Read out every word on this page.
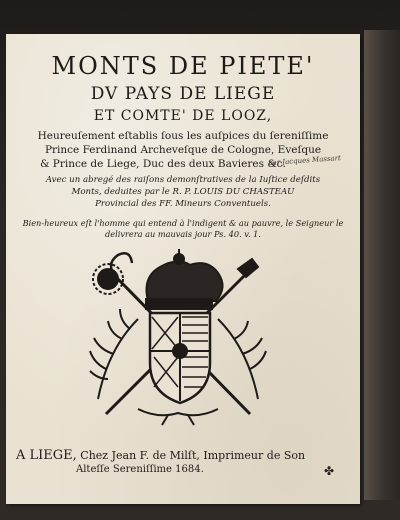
MONTS DE PIETE'
DV PAYS DE LIEGE
ET COMTE' DE LOOZ,
Heureuſement eſtablis ſous les auſpices du ſereniſſime
Prince Ferdinand Archeveſque de Cologne, Eveſque
& Prince de Liege, Duc des deux Bavieres &c.
par Jacques Massart
Avec un abregé des raiſons demonſtratives de la Iuſtice deſdits
Monts, deduites par le R. P. LOUIS DU CHASTEAU
Provincial des FF. Mineurs Conventuels.
Bien-heureux eſt l'homme qui entend à l'indigent & au pauvre, le Seigneur le
delivrera au mauvais jour Ps. 40. v. 1.
A LIEGE, Chez Jean F. de Milſt, Imprimeur de Son
Alteſſe Sereniſſime 1684.	✤
